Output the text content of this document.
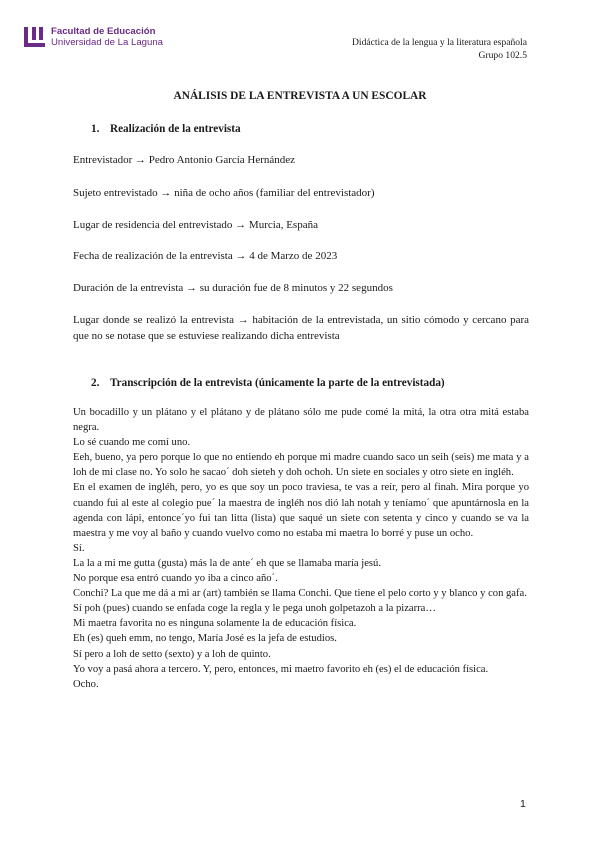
Facultad de Educación
Universidad de La Laguna	Didáctica de la lengua y la literatura española
Grupo 102.5
ANÁLISIS DE LA ENTREVISTA A UN ESCOLAR
1. Realización de la entrevista
Entrevistador → Pedro Antonio García Hernández
Sujeto entrevistado → niña de ocho años (familiar del entrevistador)
Lugar de residencia del entrevistado → Murcia, España
Fecha de realización de la entrevista → 4 de Marzo de 2023
Duración de la entrevista → su duración fue de 8 minutos y 22 segundos
Lugar donde se realizó la entrevista → habitación de la entrevistada, un sitio cómodo y cercano para que no se notase que se estuviese realizando dicha entrevista
2. Transcripción de la entrevista (únicamente la parte de la entrevistada)

Un bocadillo y un plátano y el plátano y de plátano sólo me pude comé la mitá, la otra otra mitá estaba negra.

Lo sé cuando me comí uno.

Eeh, bueno, ya pero porque lo que no entiendo eh porque mi madre cuando saco un seih (seis) me mata y a loh de mi clase no. Yo solo he sacao´ doh sieteh y doh ochoh. Un siete en sociales y otro siete en ingléh.

En el examen de ingléh, pero, yo es que soy un poco traviesa, te vas a reír, pero al finah. Mira porque yo cuando fui al este al colegio pue´ la maestra de ingléh nos dió lah notah y teníamo´ que apuntárnosla en la agenda con lápi, entonce´yo fui tan litta (lista) que saqué un siete con setenta y cinco y cuando se va la maestra y me voy al baño y cuando vuelvo como no estaba mi maetra lo borré y puse un ocho.

Sí.

La la a mi me gutta (gusta) más la de ante´ eh que se llamaba maría jesú.

No porque esa entró cuando yo iba a cinco año´.

Conchi? La que me dá a mi ar (art) también se llama Conchi. Que tiene el pelo corto y y blanco y con gafa.

Sí poh (pues) cuando se enfada coge la regla y le pega unoh golpetazoh a la pizarra…

Mi maetra favorita no es ninguna solamente la de educación física.

Eh (es) queh emm, no tengo, María José es la jefa de estudios.

Sí pero a loh de setto (sexto) y a loh de quinto.

Yo voy a pasá ahora a tercero. Y, pero, entonces, mi maetro favorito eh (es) el de educación física.

Ocho.

1
